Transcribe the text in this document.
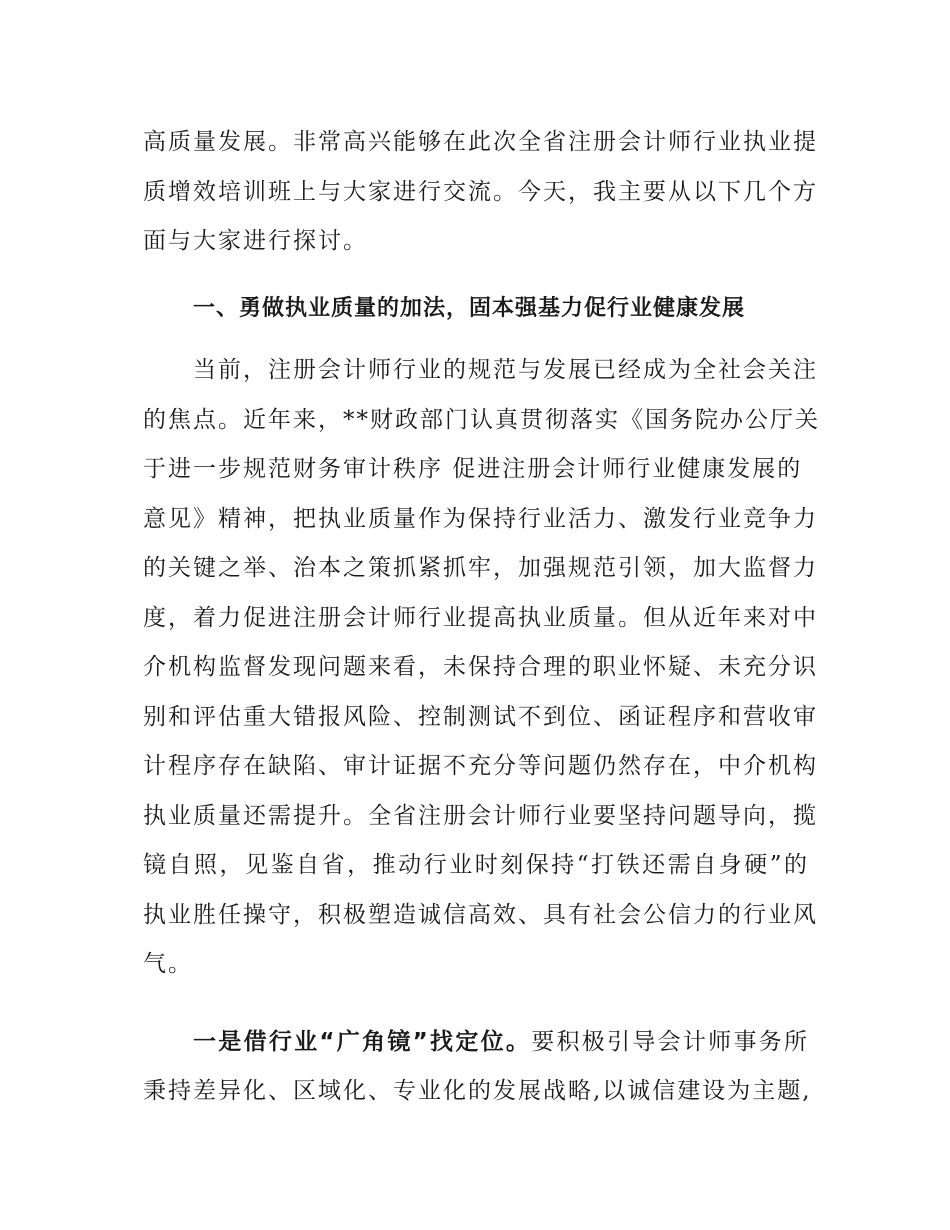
高质量发展。非常高兴能够在此次全省注册会计师行业执业提
质增效培训班上与大家进行交流。今天，我主要从以下几个方
面与大家进行探讨。
一、勇做执业质量的加法，固本强基力促行业健康发展
当前，注册会计师行业的规范与发展已经成为全社会关注
的焦点。近年来，**财政部门认真贯彻落实《国务院办公厅关
于进一步规范财务审计秩序 促进注册会计师行业健康发展的
意见》精神，把执业质量作为保持行业活力、激发行业竞争力
的关键之举、治本之策抓紧抓牢，加强规范引领，加大监督力
度，着力促进注册会计师行业提高执业质量。但从近年来对中
介机构监督发现问题来看，未保持合理的职业怀疑、未充分识
别和评估重大错报风险、控制测试不到位、函证程序和营收审
计程序存在缺陷、审计证据不充分等问题仍然存在，中介机构
执业质量还需提升。全省注册会计师行业要坚持问题导向，揽
镜自照，见鉴自省，推动行业时刻保持“打铁还需自身硬”的
执业胜任操守，积极塑造诚信高效、具有社会公信力的行业风
气。
一是借行业“广角镜”找定位。要积极引导会计师事务所
秉持差异化、区域化、专业化的发展战略,以诚信建设为主题,
